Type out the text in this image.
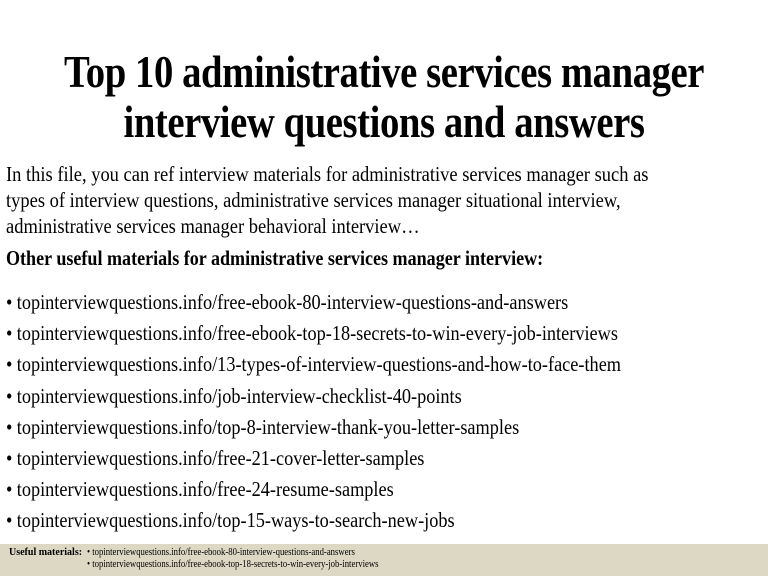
Top 10 administrative services manager
interview questions and answers
In this file, you can ref interview materials for administrative services manager such as
types of interview questions, administrative services manager situational interview,
administrative services manager behavioral interview…
Other useful materials for administrative services manager interview:
• topinterviewquestions.info/free-ebook-80-interview-questions-and-answers
• topinterviewquestions.info/free-ebook-top-18-secrets-to-win-every-job-interviews
• topinterviewquestions.info/13-types-of-interview-questions-and-how-to-face-them
• topinterviewquestions.info/job-interview-checklist-40-points
• topinterviewquestions.info/top-8-interview-thank-you-letter-samples
• topinterviewquestions.info/free-21-cover-letter-samples
• topinterviewquestions.info/free-24-resume-samples
• topinterviewquestions.info/top-15-ways-to-search-new-jobs
Useful materials: • topinterviewquestions.info/free-ebook-80-interview-questions-and-answers
• topinterviewquestions.info/free-ebook-top-18-secrets-to-win-every-job-interviews
